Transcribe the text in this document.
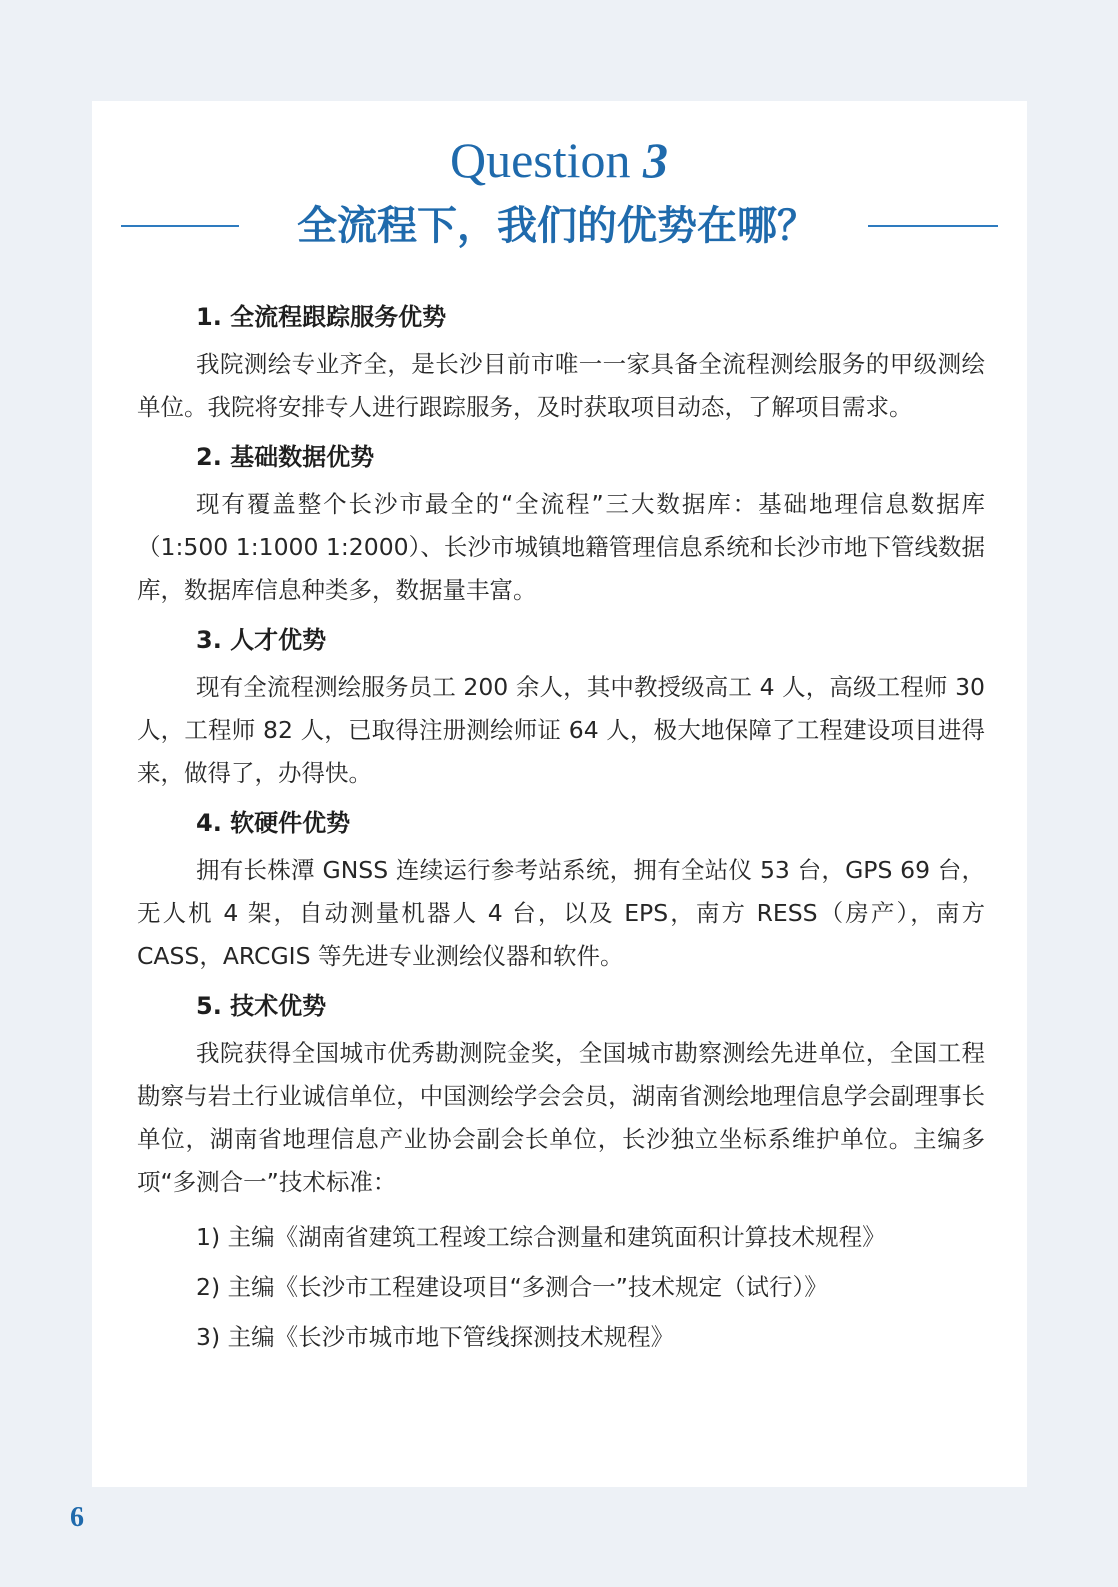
Question 3
全流程下，我们的优势在哪？
1. 全流程跟踪服务优势

我院测绘专业齐全，是长沙目前市唯一一家具备全流程测绘服务的甲级测绘单位。我院将安排专人进行跟踪服务，及时获取项目动态，了解项目需求。

2. 基础数据优势

现有覆盖整个长沙市最全的“全流程”三大数据库：基础地理信息数据库（1:500 1:1000 1:2000）、长沙市城镇地籍管理信息系统和长沙市地下管线数据库，数据库信息种类多，数据量丰富。

3. 人才优势

现有全流程测绘服务员工 200 余人，其中教授级高工 4 人，高级工程师 30 人，工程师 82 人，已取得注册测绘师证 64 人，极大地保障了工程建设项目进得来，做得了，办得快。

4. 软硬件优势

拥有长株潭 GNSS 连续运行参考站系统，拥有全站仪 53 台，GPS 69 台，无人机 4 架，自动测量机器人 4 台，以及 EPS，南方 RESS（房产），南方 CASS，ARCGIS 等先进专业测绘仪器和软件。

5. 技术优势

我院获得全国城市优秀勘测院金奖，全国城市勘察测绘先进单位，全国工程勘察与岩土行业诚信单位，中国测绘学会会员，湖南省测绘地理信息学会副理事长单位，湖南省地理信息产业协会副会长单位，长沙独立坐标系维护单位。主编多项“多测合一”技术标准：

1) 主编《湖南省建筑工程竣工综合测量和建筑面积计算技术规程》

2) 主编《长沙市工程建设项目“多测合一”技术规定（试行）》

3) 主编《长沙市城市地下管线探测技术规程》

6
